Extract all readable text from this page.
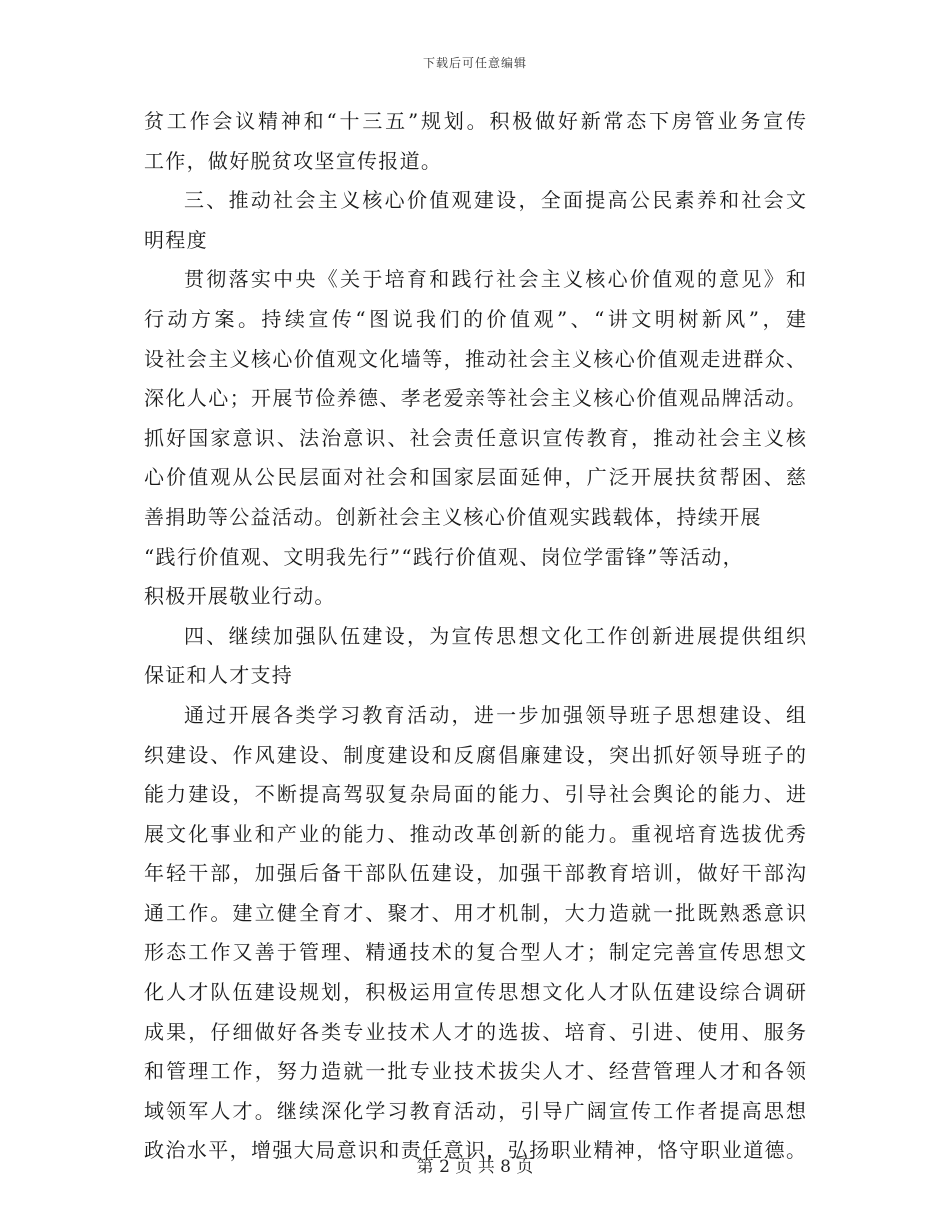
下载后可任意编辑
贫工作会议精神和“十三五”规划。积极做好新常态下房管业务宣传
工作，做好脱贫攻坚宣传报道。
三、推动社会主义核心价值观建设，全面提高公民素养和社会文
明程度
贯彻落实中央《关于培育和践行社会主义核心价值观的意见》和
行动方案。持续宣传“图说我们的价值观”、“讲文明树新风”，建
设社会主义核心价值观文化墙等，推动社会主义核心价值观走进群众、
深化人心；开展节俭养德、孝老爱亲等社会主义核心价值观品牌活动。
抓好国家意识、法治意识、社会责任意识宣传教育，推动社会主义核
心价值观从公民层面对社会和国家层面延伸，广泛开展扶贫帮困、慈
善捐助等公益活动。创新社会主义核心价值观实践载体，持续开展
“践行价值观、文明我先行”“践行价值观、岗位学雷锋”等活动，
积极开展敬业行动。
四、继续加强队伍建设，为宣传思想文化工作创新进展提供组织
保证和人才支持
通过开展各类学习教育活动，进一步加强领导班子思想建设、组
织建设、作风建设、制度建设和反腐倡廉建设，突出抓好领导班子的
能力建设，不断提高驾驭复杂局面的能力、引导社会舆论的能力、进
展文化事业和产业的能力、推动改革创新的能力。重视培育选拔优秀
年轻干部，加强后备干部队伍建设，加强干部教育培训，做好干部沟
通工作。建立健全育才、聚才、用才机制，大力造就一批既熟悉意识
形态工作又善于管理、精通技术的复合型人才；制定完善宣传思想文
化人才队伍建设规划，积极运用宣传思想文化人才队伍建设综合调研
成果，仔细做好各类专业技术人才的选拔、培育、引进、使用、服务
和管理工作，努力造就一批专业技术拔尖人才、经营管理人才和各领
域领军人才。继续深化学习教育活动，引导广阔宣传工作者提高思想
政治水平，增强大局意识和责任意识，弘扬职业精神，恪守职业道德。
第 2 页 共 8 页
